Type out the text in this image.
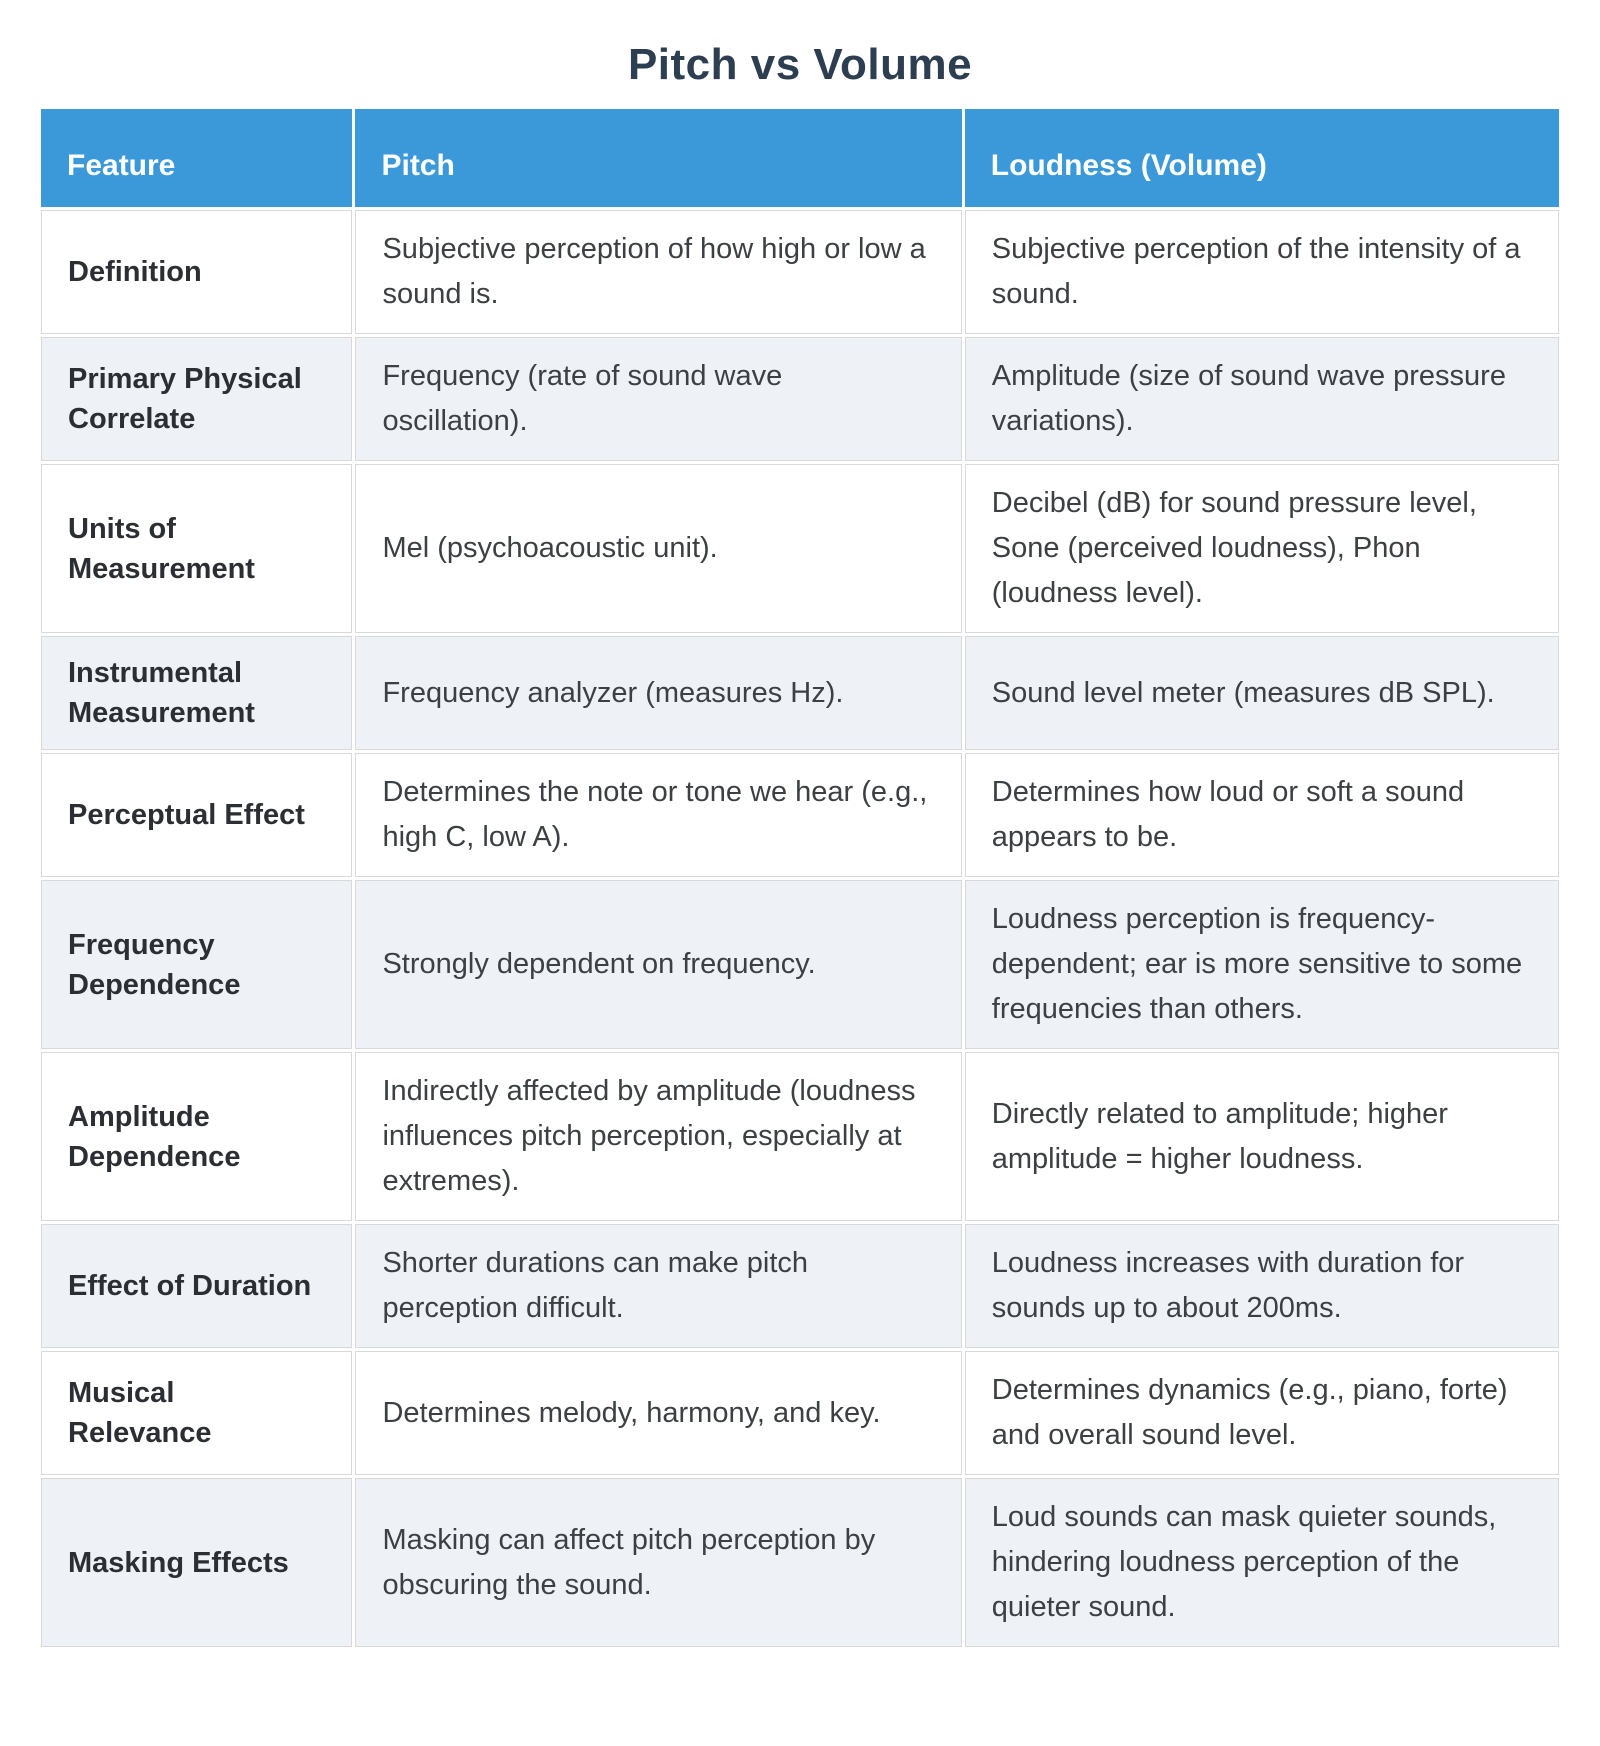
Pitch vs Volume
Feature	Pitch	Loudness (Volume)
Definition	Subjective perception of how high or low a sound is.	Subjective perception of the intensity of a sound.
Primary Physical Correlate	Frequency (rate of sound wave oscillation).	Amplitude (size of sound wave pressure variations).
Units of Measurement	Mel (psychoacoustic unit).	Decibel (dB) for sound pressure level, Sone (perceived loudness), Phon (loudness level).
Instrumental Measurement	Frequency analyzer (measures Hz).	Sound level meter (measures dB SPL).
Perceptual Effect	Determines the note or tone we hear (e.g., high C, low A).	Determines how loud or soft a sound appears to be.
Frequency Dependence	Strongly dependent on frequency.	Loudness perception is frequency-dependent; ear is more sensitive to some frequencies than others.
Amplitude Dependence	Indirectly affected by amplitude (loudness influences pitch perception, especially at extremes).	Directly related to amplitude; higher amplitude = higher loudness.
Effect of Duration	Shorter durations can make pitch perception difficult.	Loudness increases with duration for sounds up to about 200ms.
Musical Relevance	Determines melody, harmony, and key.	Determines dynamics (e.g., piano, forte) and overall sound level.
Masking Effects	Masking can affect pitch perception by obscuring the sound.	Loud sounds can mask quieter sounds, hindering loudness perception of the quieter sound.
